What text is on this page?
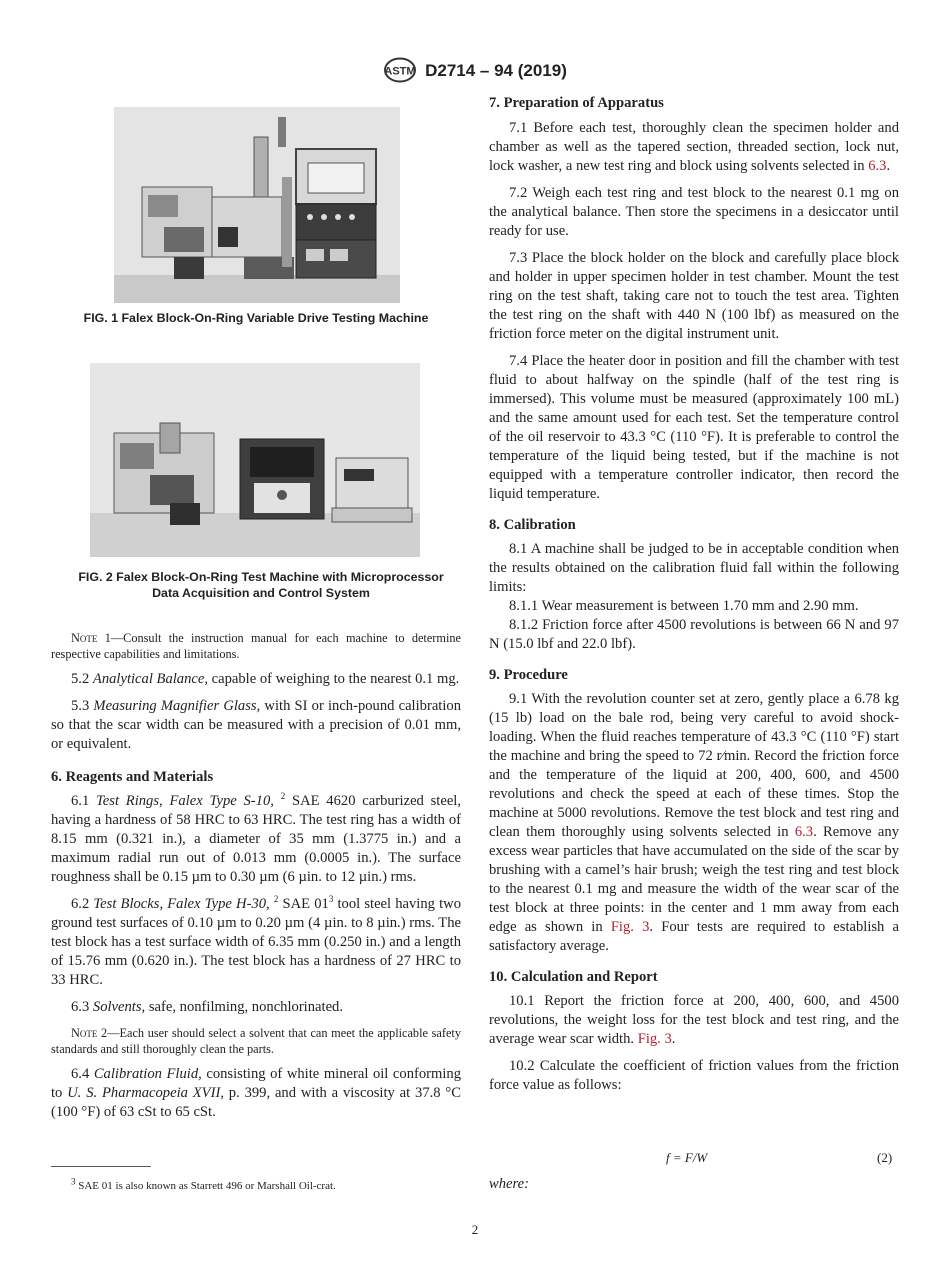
ASTM D2714 – 94 (2019)
FIG. 1 Falex Block-On-Ring Variable Drive Testing Machine
FIG. 2 Falex Block-On-Ring Test Machine with Microprocessor
Data Acquisition and Control System

Note 1—Consult the instruction manual for each machine to determine respective capabilities and limitations.

5.2 Analytical Balance, capable of weighing to the nearest 0.1 mg.

5.3 Measuring Magnifier Glass, with SI or inch-pound calibration so that the scar width can be measured with a precision of 0.01 mm, or equivalent.

6. Reagents and Materials

6.1 Test Rings, Falex Type S-10, $^2$ SAE 4620 carburized steel, having a hardness of 58 HRC to 63 HRC. The test ring has a width of 8.15 mm (0.321 in.), a diameter of 35 mm (1.3775 in.) and a maximum radial run out of 0.013 mm (0.0005 in.). The surface roughness shall be 0.15 µm to 0.30 µm (6 µin. to 12 µin.) rms.

6.2 Test Blocks, Falex Type H-30, $^2$ SAE $01^3$ tool steel having two ground test surfaces of 0.10 µm to 0.20 µm (4 µin. to 8 µin.) rms. The test block has a test surface width of 6.35 mm (0.250 in.) and a length of 15.76 mm (0.620 in.). The test block has a hardness of 27 HRC to 33 HRC.

6.3 Solvents, safe, nonfilming, nonchlorinated.

Note 2—Each user should select a solvent that can meet the applicable safety standards and still thoroughly clean the parts.

6.4 Calibration Fluid, consisting of white mineral oil conforming to U. S. Pharmacopeia XVII, p. 399, and with a viscosity at 37.8 °C (100 °F) of 63 cSt to 65 cSt.

$^3$ SAE 01 is also known as Starrett 496 or Marshall Oil-crat.

7. Preparation of Apparatus

7.1 Before each test, thoroughly clean the specimen holder and chamber as well as the tapered section, threaded section, lock nut, lock washer, a new test ring and block using solvents selected in 6.3.

7.2 Weigh each test ring and test block to the nearest 0.1 mg on the analytical balance. Then store the specimens in a desiccator until ready for use.

7.3 Place the block holder on the block and carefully place block and holder in upper specimen holder in test chamber. Mount the test ring on the test shaft, taking care not to touch the test area. Tighten the test ring on the shaft with 440 N (100 lbf) as measured on the friction force meter on the digital instrument unit.

7.4 Place the heater door in position and fill the chamber with test fluid to about halfway on the spindle (half of the test ring is immersed). This volume must be measured (approximately 100 mL) and the same amount used for each test. Set the temperature control of the oil reservoir to 43.3 °C (110 °F). It is preferable to control the temperature of the liquid being tested, but if the machine is not equipped with a temperature controller indicator, then record the liquid temperature.

8. Calibration

8.1 A machine shall be judged to be in acceptable condition when the results obtained on the calibration fluid fall within the following limits:

8.1.1 Wear measurement is between 1.70 mm and 2.90 mm.

8.1.2 Friction force after 4500 revolutions is between 66 N and 97 N (15.0 lbf and 22.0 lbf).

9. Procedure

9.1 With the revolution counter set at zero, gently place a 6.78 kg (15 lb) load on the bale rod, being very careful to avoid shock-loading. When the fluid reaches temperature of 43.3 °C (110 °F) start the machine and bring the speed to 72 r⁄min. Record the friction force and the temperature of the liquid at 200, 400, 600, and 4500 revolutions and check the speed at each of these times. Stop the machine at 5000 revolutions. Remove the test block and test ring and clean them thoroughly using solvents selected in 6.3. Remove any excess wear particles that have accumulated on the side of the scar by brushing with a camel’s hair brush; weigh the test ring and test block to the nearest 0.1 mg and measure the width of the wear scar of the test block at three points: in the center and 1 mm away from each edge as shown in Fig. 3. Four tests are required to establish a satisfactory average.

10. Calculation and Report

10.1 Report the friction force at 200, 400, 600, and 4500 revolutions, the weight loss for the test block and test ring, and the average wear scar width. Fig. 3.

10.2 Calculate the coefficient of friction values from the friction force value as follows:

f = F/W	(2)
where:
2
